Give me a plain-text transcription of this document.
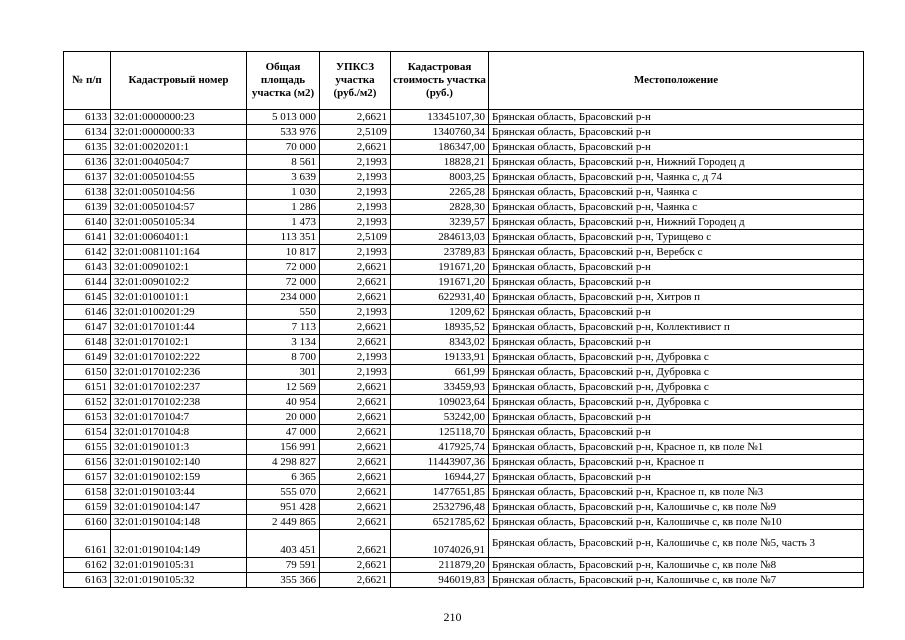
№ п/п	Кадастровый номер	Общая площадь участка (м2)	УПКСЗ участка (руб./м2)	Кадастровая стоимость участка (руб.)	Местоположение
6133	32:01:0000000:23	5 013 000	2,6621	13345107,30	Брянская область, Брасовский р-н
6134	32:01:0000000:33	533 976	2,5109	1340760,34	Брянская область, Брасовский р-н
6135	32:01:0020201:1	70 000	2,6621	186347,00	Брянская область, Брасовский р-н
6136	32:01:0040504:7	8 561	2,1993	18828,21	Брянская область, Брасовский р-н, Нижний Городец д
6137	32:01:0050104:55	3 639	2,1993	8003,25	Брянская область, Брасовский р-н, Чаянка с, д 74
6138	32:01:0050104:56	1 030	2,1993	2265,28	Брянская область, Брасовский р-н, Чаянка с
6139	32:01:0050104:57	1 286	2,1993	2828,30	Брянская область, Брасовский р-н, Чаянка с
6140	32:01:0050105:34	1 473	2,1993	3239,57	Брянская область, Брасовский р-н, Нижний Городец д
6141	32:01:0060401:1	113 351	2,5109	284613,03	Брянская область, Брасовский р-н, Турищево с
6142	32:01:0081101:164	10 817	2,1993	23789,83	Брянская область, Брасовский р-н, Веребск с
6143	32:01:0090102:1	72 000	2,6621	191671,20	Брянская область, Брасовский р-н
6144	32:01:0090102:2	72 000	2,6621	191671,20	Брянская область, Брасовский р-н
6145	32:01:0100101:1	234 000	2,6621	622931,40	Брянская область, Брасовский р-н, Хитров п
6146	32:01:0100201:29	550	2,1993	1209,62	Брянская область, Брасовский р-н
6147	32:01:0170101:44	7 113	2,6621	18935,52	Брянская область, Брасовский р-н, Коллективист п
6148	32:01:0170102:1	3 134	2,6621	8343,02	Брянская область, Брасовский р-н
6149	32:01:0170102:222	8 700	2,1993	19133,91	Брянская область, Брасовский р-н, Дубровка с
6150	32:01:0170102:236	301	2,1993	661,99	Брянская область, Брасовский р-н, Дубровка с
6151	32:01:0170102:237	12 569	2,6621	33459,93	Брянская область, Брасовский р-н, Дубровка с
6152	32:01:0170102:238	40 954	2,6621	109023,64	Брянская область, Брасовский р-н, Дубровка с
6153	32:01:0170104:7	20 000	2,6621	53242,00	Брянская область, Брасовский р-н
6154	32:01:0170104:8	47 000	2,6621	125118,70	Брянская область, Брасовский р-н
6155	32:01:0190101:3	156 991	2,6621	417925,74	Брянская область, Брасовский р-н, Красное п, кв поле №1
6156	32:01:0190102:140	4 298 827	2,6621	11443907,36	Брянская область, Брасовский р-н, Красное п
6157	32:01:0190102:159	6 365	2,6621	16944,27	Брянская область, Брасовский р-н
6158	32:01:0190103:44	555 070	2,6621	1477651,85	Брянская область, Брасовский р-н, Красное п, кв поле №3
6159	32:01:0190104:147	951 428	2,6621	2532796,48	Брянская область, Брасовский р-н, Калошичье с, кв поле №9
6160	32:01:0190104:148	2 449 865	2,6621	6521785,62	Брянская область, Брасовский р-н, Калошичье с, кв поле №10
6161	32:01:0190104:149	403 451	2,6621	1074026,91	Брянская область, Брасовский р-н, Калошичье с, кв поле №5, часть 3
6162	32:01:0190105:31	79 591	2,6621	211879,20	Брянская область, Брасовский р-н, Калошичье с, кв поле №8
6163	32:01:0190105:32	355 366	2,6621	946019,83	Брянская область, Брасовский р-н, Калошичье с, кв поле №7
210
